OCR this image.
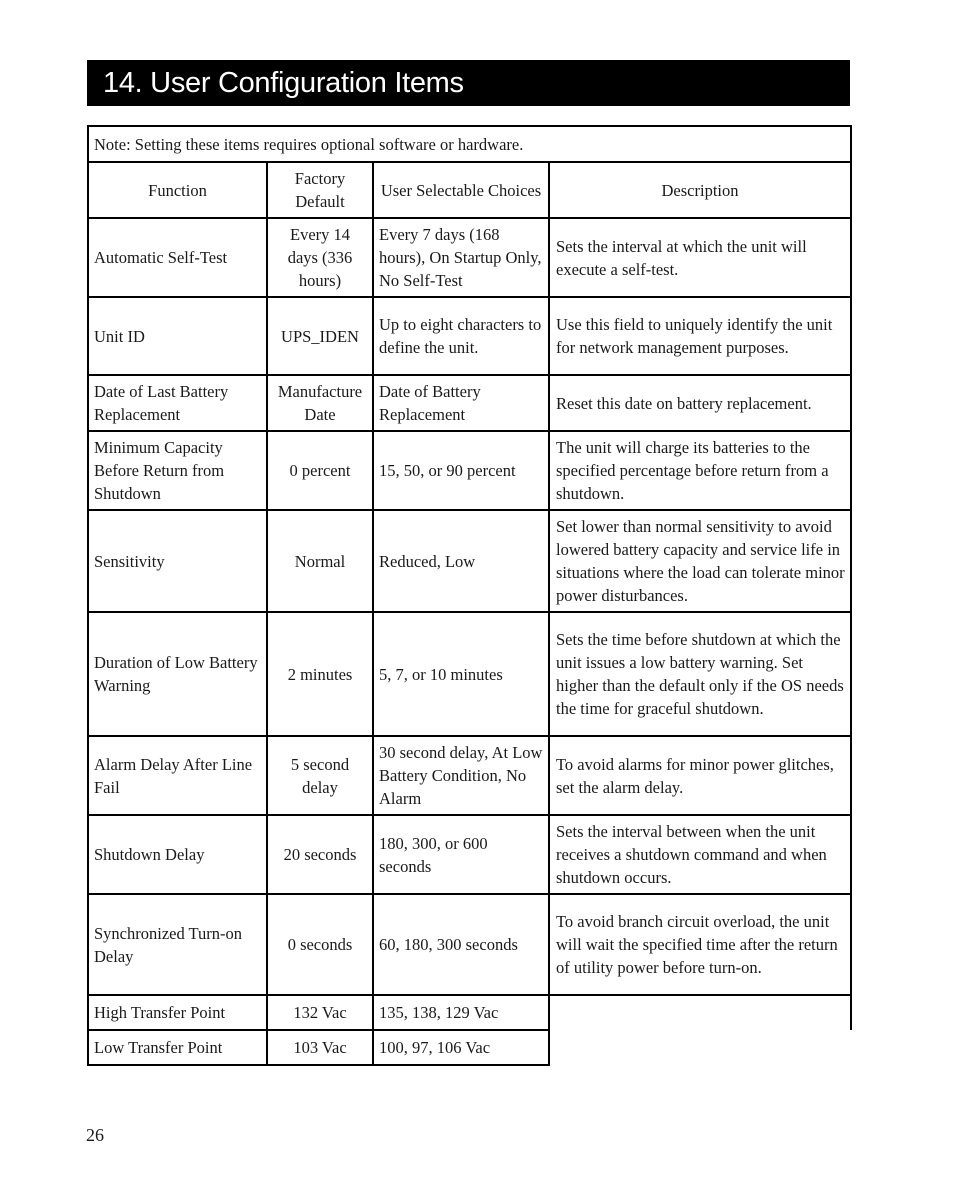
14. User Configuration Items
Note: Setting these items requires optional software or hardware.			
Function	Factory Default	User Selectable Choices	Description
Automatic Self-Test	Every 14 days (336 hours)	Every 7 days (168 hours), On Startup Only, No Self-Test	Sets the interval at which the unit will execute a self-test.
Unit ID	UPS_IDEN	Up to eight characters to define the unit.	Use this field to uniquely identify the unit for network management purposes.
Date of Last Battery Replacement	Manufacture Date	Date of Battery Replacement	Reset this date on battery replacement.
Minimum Capacity Before Return from Shutdown	0 percent	15, 50, or 90 percent	The unit will charge its batteries to the specified percentage before return from a shutdown.
Sensitivity	Normal	Reduced, Low	Set lower than normal sensitivity to avoid lowered battery capacity and service life in situations where the load can tolerate minor power disturbances.
Duration of Low Battery Warning	2 minutes	5, 7, or 10 minutes	Sets the time before shutdown at which the unit issues a low battery warning. Set higher than the default only if the OS needs the time for graceful shutdown.
Alarm Delay After Line Fail	5 second delay	30 second delay, At Low Battery Condition, No Alarm	To avoid alarms for minor power glitches, set the alarm delay.
Shutdown Delay	20 seconds	180, 300, or 600 seconds	Sets the interval between when the unit receives a shutdown command and when shutdown occurs.
Synchronized Turn-on Delay	0 seconds	60, 180, 300 seconds	To avoid branch circuit overload, the unit will wait the specified time after the return of utility power before turn-on.
High Transfer Point	132 Vac	135, 138, 129 Vac	
Low Transfer Point	103 Vac	100, 97, 106 Vac	
26
